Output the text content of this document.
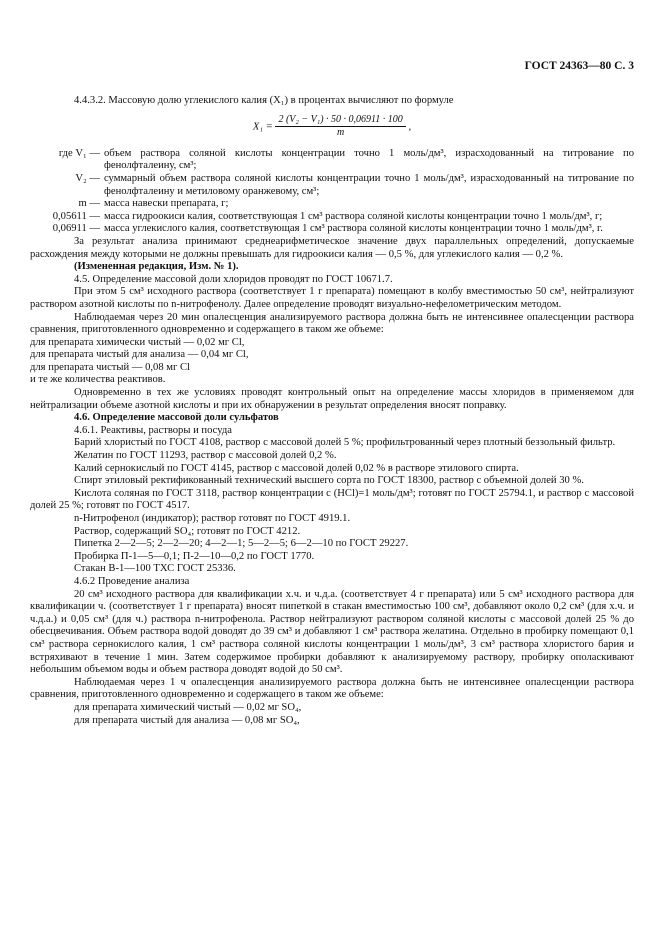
ГОСТ 24363—80 С. 3

4.4.3.2. Массовую долю углекислого калия (X₁) в процентах вычисляют по формуле

$X_1 = \frac{\text{2 (V₂ − V₁) · 50 · 0,06911 · 100}}{m}$ ,
где V₁ — объем раствора соляной кислоты концентрации точно 1 моль/дм³, израсходованный на титрование по фенолфталеину, см³;
V₂ — суммарный объем раствора соляной кислоты концентрации точно 1 моль/дм³, израсходованный на титрование по фенолфталеину и метиловому оранжевому, см³;
m — масса навески препарата, г;
0,05611 — масса гидроокиси калия, соответствующая 1 см³ раствора соляной кислоты концентрации точно 1 моль/дм³, г;
0,06911 — масса углекислого калия, соответствующая 1 см³ раствора соляной кислоты концентрации точно 1 моль/дм³, г.

За результат анализа принимают среднеарифметическое значение двух параллельных определений, допускаемые расхождения между которыми не должны превышать для гидроокиси калия — 0,5 %, для углекислого калия — 0,2 %.

(Измененная редакция, Изм. № 1).

4.5. Определение массовой доли хлоридов проводят по ГОСТ 10671.7.

При этом 5 см³ исходного раствора (соответствует 1 г препарата) помещают в колбу вместимостью 50 см³, нейтрализуют раствором азотной кислоты по n-нитрофенолу. Далее определение проводят визуально-нефелометрическим методом.

Наблюдаемая через 20 мин опалесценция анализируемого раствора должна быть не интенсивнее опалесценции раствора сравнения, приготовленного одновременно и содержащего в таком же объеме:

для препарата химически чистый — 0,02 мг Cl,

для препарата чистый для анализа — 0,04 мг Cl,

для препарата чистый — 0,08 мг Cl

и те же количества реактивов.

Одновременно в тех же условиях проводят контрольный опыт на определение массы хлоридов в применяемом для нейтрализации объеме азотной кислоты и при их обнаружении в результат определения вносят поправку.

4.6. Определение массовой доли сульфатов

4.6.1. Реактивы, растворы и посуда

Барий хлористый по ГОСТ 4108, раствор с массовой долей 5 %; профильтрованный через плотный беззольный фильтр.

Желатин по ГОСТ 11293, раствор с массовой долей 0,2 %.

Калий сернокислый по ГОСТ 4145, раствор с массовой долей 0,02 % в растворе этилового спирта.

Спирт этиловый ректификованный технический высшего сорта по ГОСТ 18300, раствор с объемной долей 30 %.

Кислота соляная по ГОСТ 3118, раствор концентрации c (HCl)=1 моль/дм³; готовят по ГОСТ 25794.1, и раствор с массовой долей 25 %; готовят по ГОСТ 4517.

n-Нитрофенол (индикатор); раствор готовят по ГОСТ 4919.1.

Раствор, содержащий SO₄; готовят по ГОСТ 4212.

Пипетка 2—2—5; 2—2—20; 4—2—1; 5—2—5; 6—2—10 по ГОСТ 29227.

Пробирка П-1—5—0,1; П-2—10—0,2 по ГОСТ 1770.

Стакан В-1—100 ТХС ГОСТ 25336.

4.6.2 Проведение анализа

20 см³ исходного раствора для квалификации х.ч. и ч.д.а. (соответствует 4 г препарата) или 5 см³ исходного раствора для квалификации ч. (соответствует 1 г препарата) вносят пипеткой в стакан вместимостью 100 см³, добавляют около 0,2 см³ (для х.ч. и ч.д.а.) и 0,05 см³ (для ч.) раствора n-нитрофенола. Раствор нейтрализуют раствором соляной кислоты с массовой долей 25 % до обесцвечивания. Объем раствора водой доводят до 39 см³ и добавляют 1 см³ раствора желатина. Отдельно в пробирку помещают 0,1 см³ раствора сернокислого калия, 1 см³ раствора соляной кислоты концентрации 1 моль/дм³, 3 см³ раствора хлористого бария и встряхивают в течение 1 мин. Затем содержимое пробирки добавляют к анализируемому раствору, пробирку ополаскивают небольшим объемом воды и объем раствора доводят водой до 50 см³.

Наблюдаемая через 1 ч опалесценция анализируемого раствора должна быть не интенсивнее опалесценции раствора сравнения, приготовленного одновременно и содержащего в таком же объеме:

для препарата химический чистый — 0,02 мг SO₄,

для препарата чистый для анализа — 0,08 мг SO₄,
